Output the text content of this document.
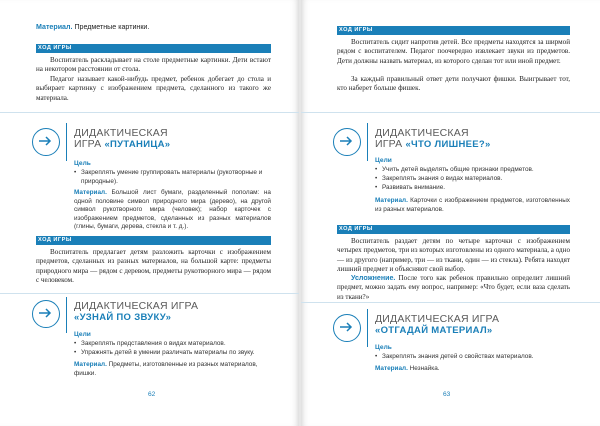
Материал. Предметные картинки.
ХОД ИГРЫ
Воспитатель раскладывает на столе предметные картинки. Дети встают на некотором расстоянии от стола.
Педагог называет какой-нибудь предмет, ребенок добегает до стола и выбирает картинку с изображением предмета, сделанного из такого же материала.
ДИДАКТИЧЕСКАЯ
ИГРА «ПУТАНИЦА»
Цель
• Закреплять умение группировать материалы (рукотворные и природные).
Материал. Большой лист бумаги, разделенный пополам: на одной половине символ природного мира (дерево), на другой символ рукотворного мира (человек); набор карточек с изображением предметов, сделанных из разных материалов (глины, бумаги, дерева, стекла и т. д.).
ХОД ИГРЫ
Воспитатель предлагает детям разложить карточки с изображением предметов, сделанных из разных материалов, на большой карте: предметы природного мира — рядом с деревом, предметы рукотворного мира — рядом с человеком.
ДИДАКТИЧЕСКАЯ ИГРА
«УЗНАЙ ПО ЗВУКУ»
Цели
• Закреплять представления о видах материалов.
• Упражнять детей в умении различать материалы по звуку.
Материал. Предметы, изготовленные из разных материалов, фишки.
62
ХОД ИГРЫ
Воспитатель сидит напротив детей. Все предметы находятся за ширмой рядом с воспитателем. Педагог поочередно извлекает звуки из предметов. Дети должны назвать материал, из которого сделан тот или иной предмет.
За каждый правильный ответ дети получают фишки. Выигрывает тот, кто наберет больше фишек.
ДИДАКТИЧЕСКАЯ
ИГРА «ЧТО ЛИШНЕЕ?»
Цели
• Учить детей выделять общие признаки предметов.
• Закреплять знания о видах материалов.
• Развивать внимание.
Материал. Карточки с изображением предметов, изготовленных из разных материалов.
ХОД ИГРЫ
Воспитатель раздает детям по четыре карточки с изображением четырех предметов, три из которых изготовлены из одного материала, а одно — из другого (например, три — из ткани, один — из стекла). Ребята находят лишний предмет и объясняют свой выбор.
Усложнение. После того как ребенок правильно определит лишний предмет, можно задать ему вопрос, например: «Что будет, если ваза сделать из ткани?»
ДИДАКТИЧЕСКАЯ ИГРА
«ОТГАДАЙ МАТЕРИАЛ»
Цель
• Закреплять знания детей о свойствах материалов.
Материал. Незнайка.
63
